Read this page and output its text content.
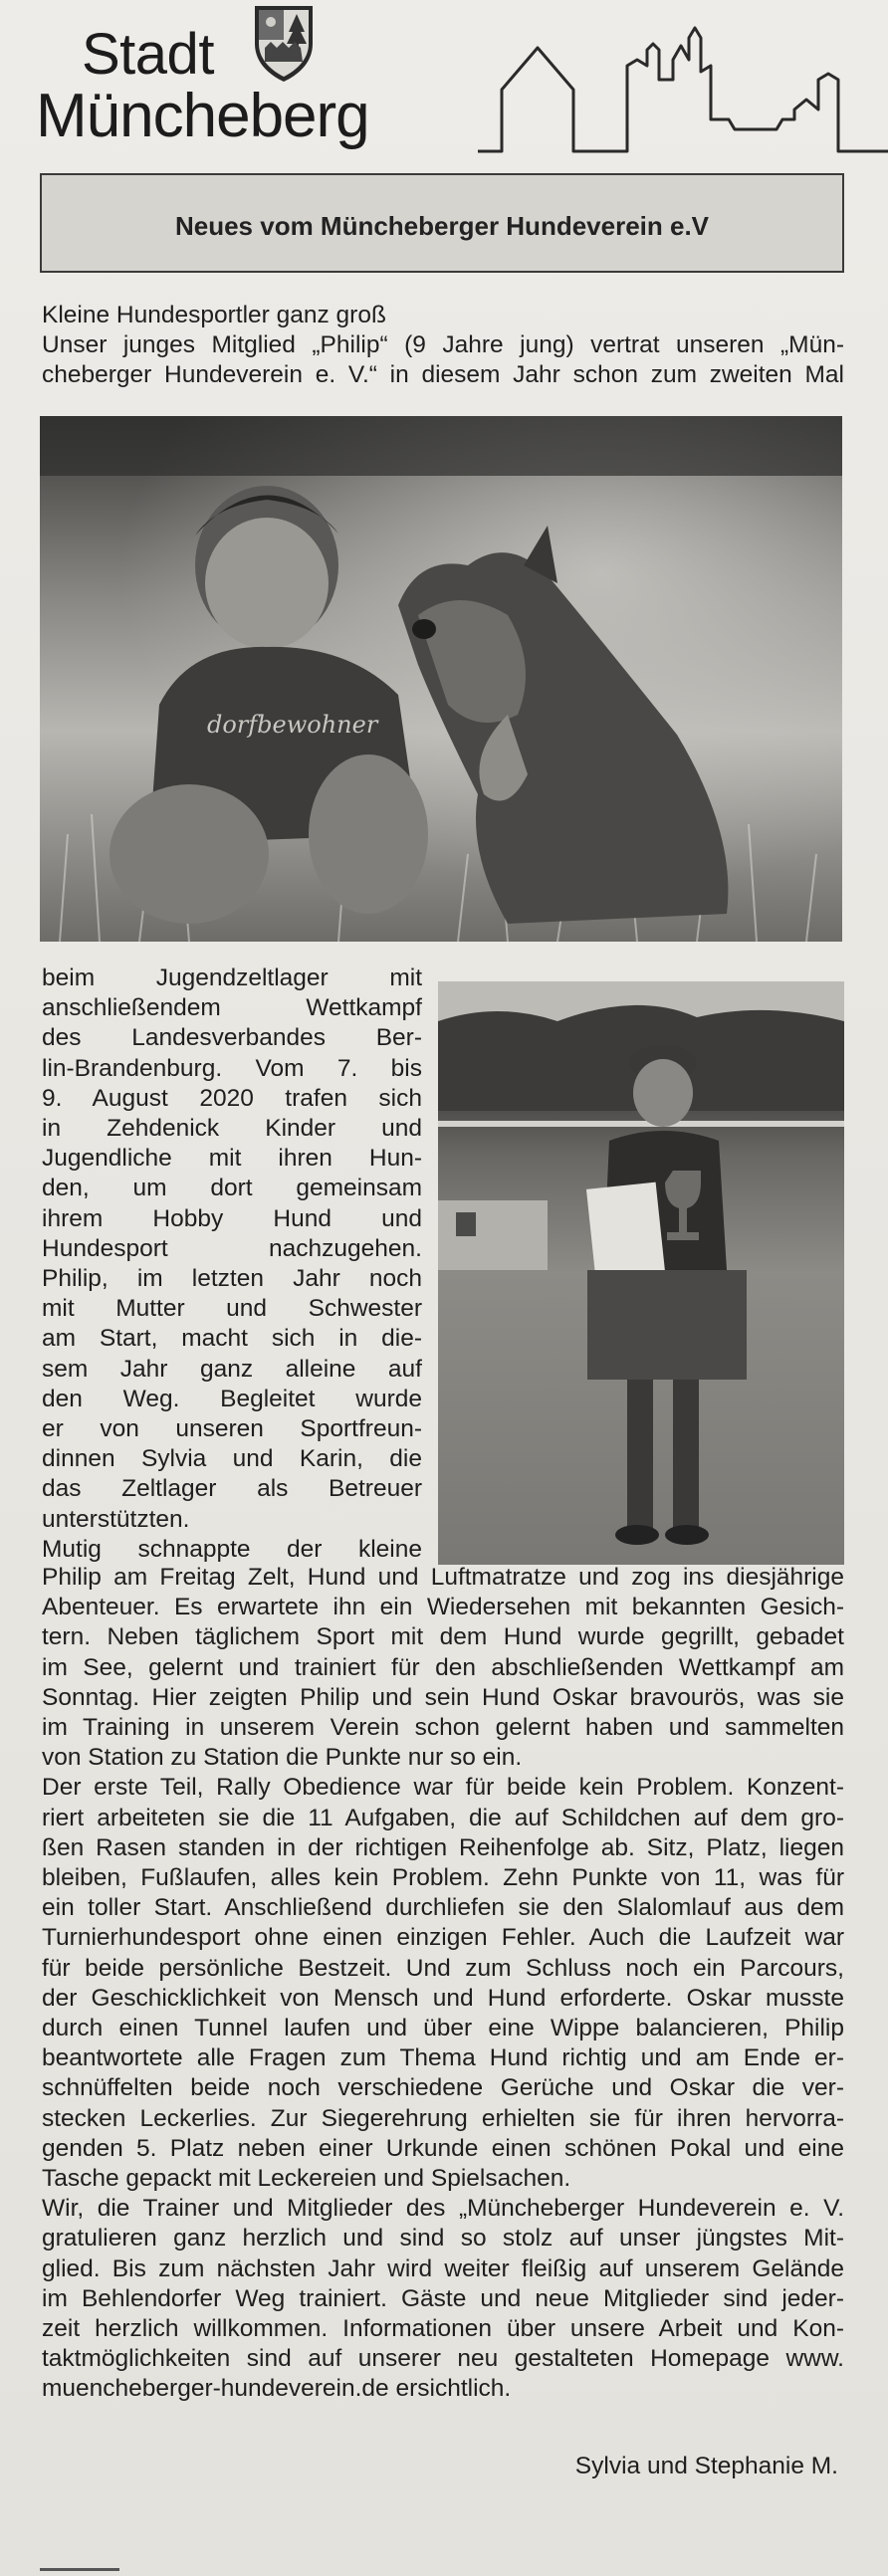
Stadt
Müncheberg
Neues vom Müncheberger Hundeverein e.V
Kleine Hundesportler ganz groß
Unser junges Mitglied „Philip“ (9 Jahre jung) vertrat unseren „Mün-
cheberger Hundeverein e. V.“ in diesem Jahr schon zum zweiten Mal
dorfbewohner
beim Jugendzeltlager mit
anschließendem Wettkampf
des Landesverbandes Ber-
lin-Brandenburg. Vom 7. bis
9. August 2020 trafen sich
in Zehdenick Kinder und
Jugendliche mit ihren Hun-
den, um dort gemeinsam
ihrem Hobby Hund und
Hundesport nachzugehen.
Philip, im letzten Jahr noch
mit Mutter und Schwester
am Start, macht sich in die-
sem Jahr ganz alleine auf
den Weg. Begleitet wurde
er von unseren Sportfreun-
dinnen Sylvia und Karin, die
das Zeltlager als Betreuer
unterstützten.
Mutig schnappte der kleine
Philip am Freitag Zelt, Hund und Luftmatratze und zog ins diesjährige
Abenteuer. Es erwartete ihn ein Wiedersehen mit bekannten Gesich-
tern. Neben täglichem Sport mit dem Hund wurde gegrillt, gebadet
im See, gelernt und trainiert für den abschließenden Wettkampf am
Sonntag. Hier zeigten Philip und sein Hund Oskar bravourös, was sie
im Training in unserem Verein schon gelernt haben und sammelten
von Station zu Station die Punkte nur so ein.
Der erste Teil, Rally Obedience war für beide kein Problem. Konzent-
riert arbeiteten sie die 11 Aufgaben, die auf Schildchen auf dem gro-
ßen Rasen standen in der richtigen Reihenfolge ab. Sitz, Platz, liegen
bleiben, Fußlaufen, alles kein Problem. Zehn Punkte von 11, was für
ein toller Start. Anschließend durchliefen sie den Slalomlauf aus dem
Turnierhundesport ohne einen einzigen Fehler. Auch die Laufzeit war
für beide persönliche Bestzeit. Und zum Schluss noch ein Parcours,
der Geschicklichkeit von Mensch und Hund erforderte. Oskar musste
durch einen Tunnel laufen und über eine Wippe balancieren, Philip
beantwortete alle Fragen zum Thema Hund richtig und am Ende er-
schnüffelten beide noch verschiedene Gerüche und Oskar die ver-
stecken Leckerlies. Zur Siegerehrung erhielten sie für ihren hervorra-
genden 5. Platz neben einer Urkunde einen schönen Pokal und eine
Tasche gepackt mit Leckereien und Spielsachen.
Wir, die Trainer und Mitglieder des „Müncheberger Hundeverein e. V.
gratulieren ganz herzlich und sind so stolz auf unser jüngstes Mit-
glied. Bis zum nächsten Jahr wird weiter fleißig auf unserem Gelände
im Behlendorfer Weg trainiert. Gäste und neue Mitglieder sind jeder-
zeit herzlich willkommen. Informationen über unsere Arbeit und Kon-
taktmöglichkeiten sind auf unserer neu gestalteten Homepage www.
muencheberger-hundeverein.de ersichtlich.
Sylvia und Stephanie M.
